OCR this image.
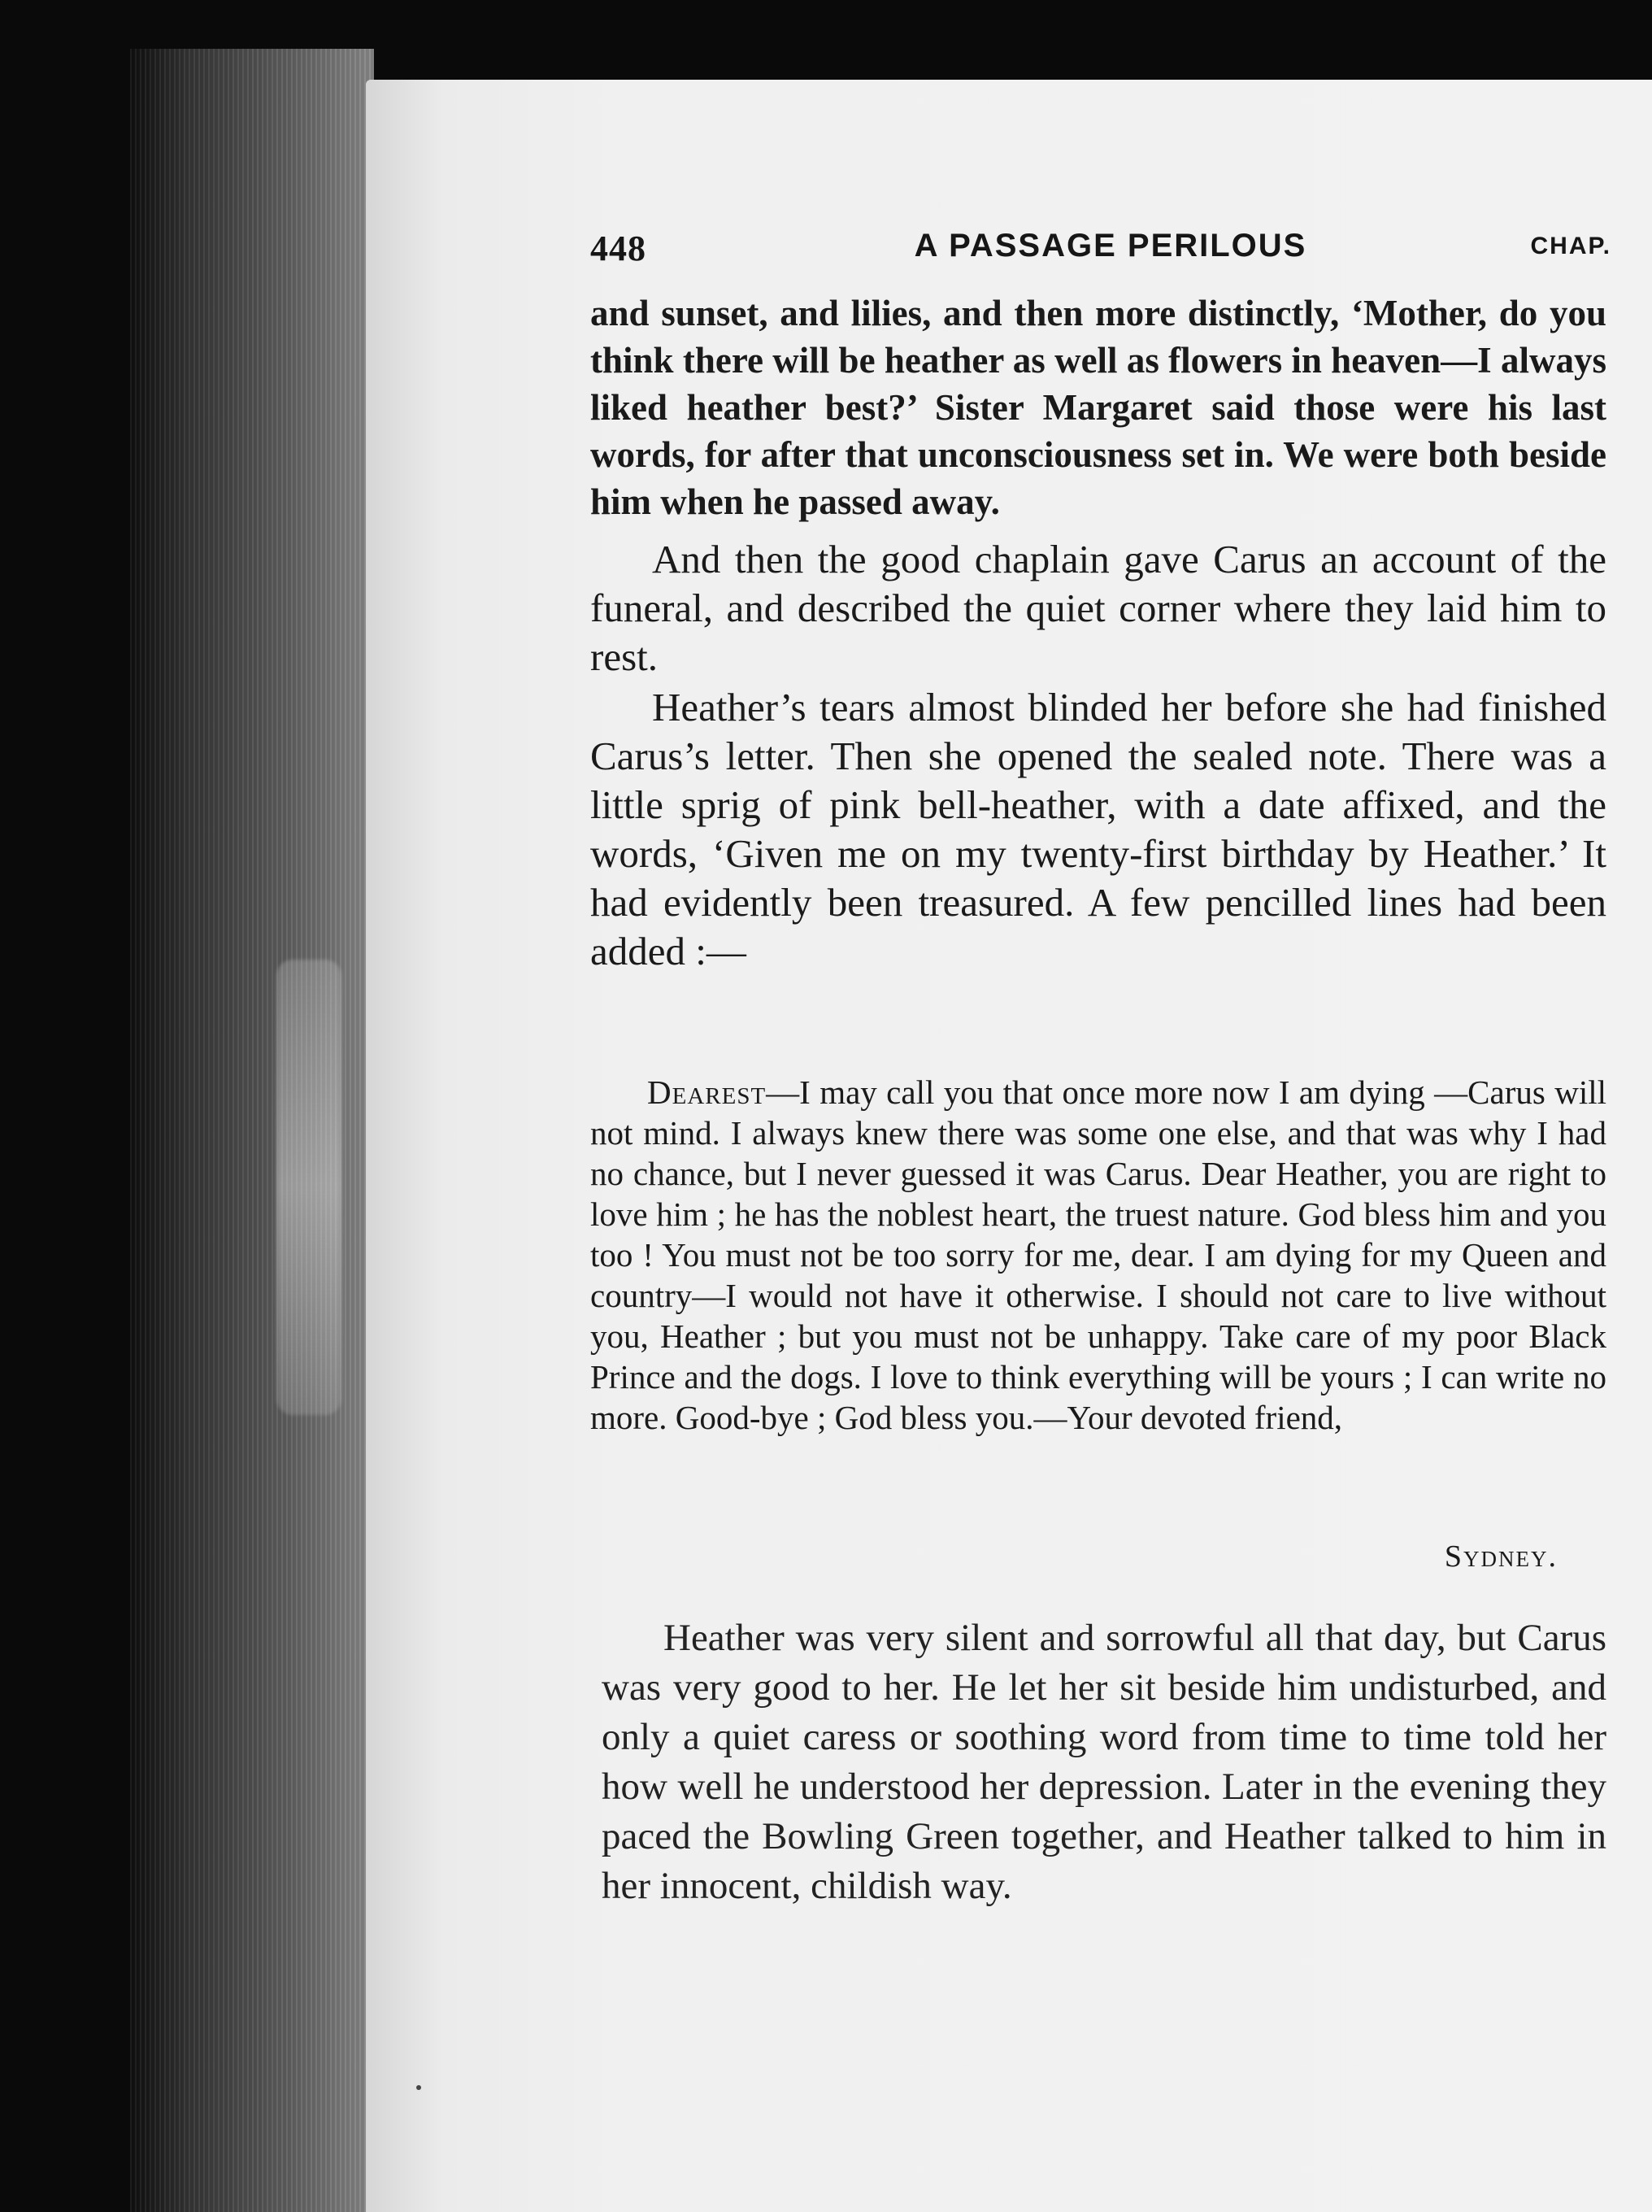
448	A PASSAGE PERILOUS	CHAP.

and sunset, and lilies, and then more distinctly, ‘Mother, do you think there will be heather as well as flowers in heaven—I always liked heather best?’ Sister Margaret said those were his last words, for after that unconsciousness set in. We were both beside him when he passed away.

And then the good chaplain gave Carus an account of the funeral, and described the quiet corner where they laid him to rest.

Heather’s tears almost blinded her before she had finished Carus’s letter. Then she opened the sealed note. There was a little sprig of pink bell-heather, with a date affixed, and the words, ‘Given me on my twenty-first birthday by Heather.’ It had evidently been treasured. A few pencilled lines had been added :—

Dearest—I may call you that once more now I am dying —Carus will not mind. I always knew there was some one else, and that was why I had no chance, but I never guessed it was Carus. Dear Heather, you are right to love him ; he has the noblest heart, the truest nature. God bless him and you too ! You must not be too sorry for me, dear. I am dying for my Queen and country—I would not have it otherwise. I should not care to live without you, Heather ; but you must not be unhappy. Take care of my poor Black Prince and the dogs. I love to think everything will be yours ; I can write no more. Good-bye ; God bless you.—Your devoted friend,

Sydney.

Heather was very silent and sorrowful all that day, but Carus was very good to her. He let her sit beside him undisturbed, and only a quiet caress or soothing word from time to time told her how well he understood her depression. Later in the evening they paced the Bowling Green together, and Heather talked to him in her innocent, childish way.
